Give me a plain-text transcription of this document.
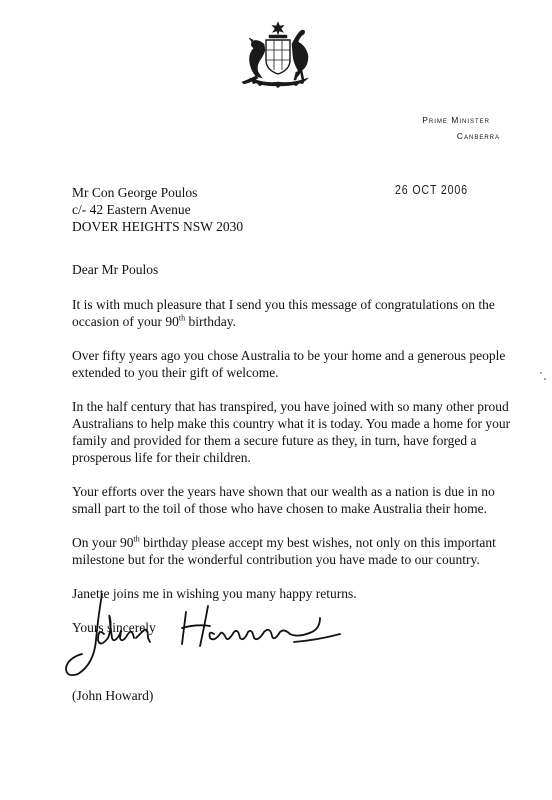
Prime Minister
Canberra
Mr Con George Poulos
c/- 42 Eastern Avenue
DOVER HEIGHTS NSW 2030
26 OCT 2006

Dear Mr Poulos

It is with much pleasure that I send you this message of congratulations on the occasion of your 90th birthday.

Over fifty years ago you chose Australia to be your home and a generous people extended to you their gift of welcome.

In the half century that has transpired, you have joined with so many other proud Australians to help make this country what it is today. You made a home for your family and provided for them a secure future as they, in turn, have forged a prosperous life for their children.

Your efforts over the years have shown that our wealth as a nation is due in no small part to the toil of those who have chosen to make Australia their home.

On your 90th birthday please accept my best wishes, not only on this important milestone but for the wonderful contribution you have made to our country.

Janette joins me in wishing you many happy returns.

Yours sincerely

(John Howard)
